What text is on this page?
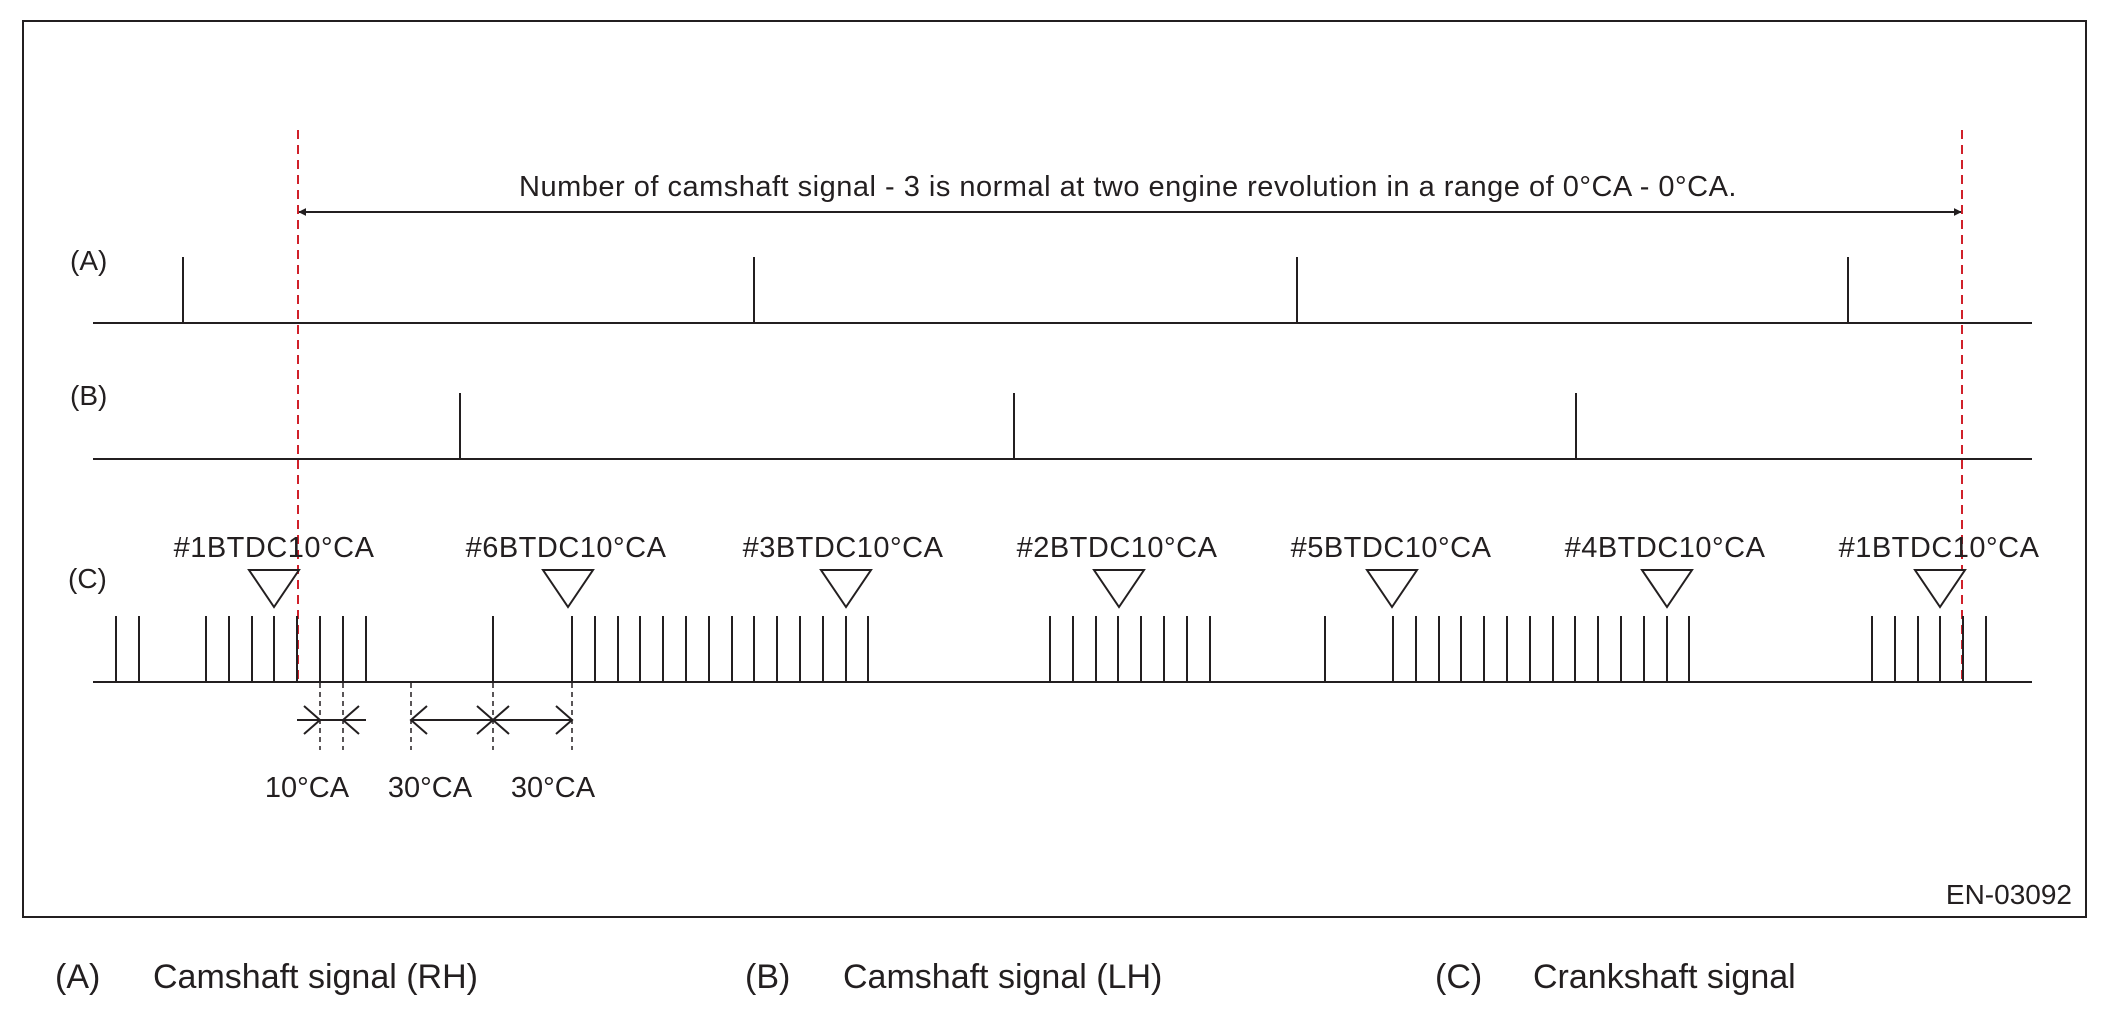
Number of camshaft signal - 3 is normal at two engine revolution in a range of 0°CA - 0°CA.
(A)
(B)
(C)
#1BTDC10°CA	#6BTDC10°CA	#3BTDC10°CA	#2BTDC10°CA	#5BTDC10°CA	#4BTDC10°CA	#1BTDC10°CA
10°CA 30°CA 30°CA
EN-03092
(A) Camshaft signal (RH)	(B) Camshaft signal (LH)	(C) Crankshaft signal
